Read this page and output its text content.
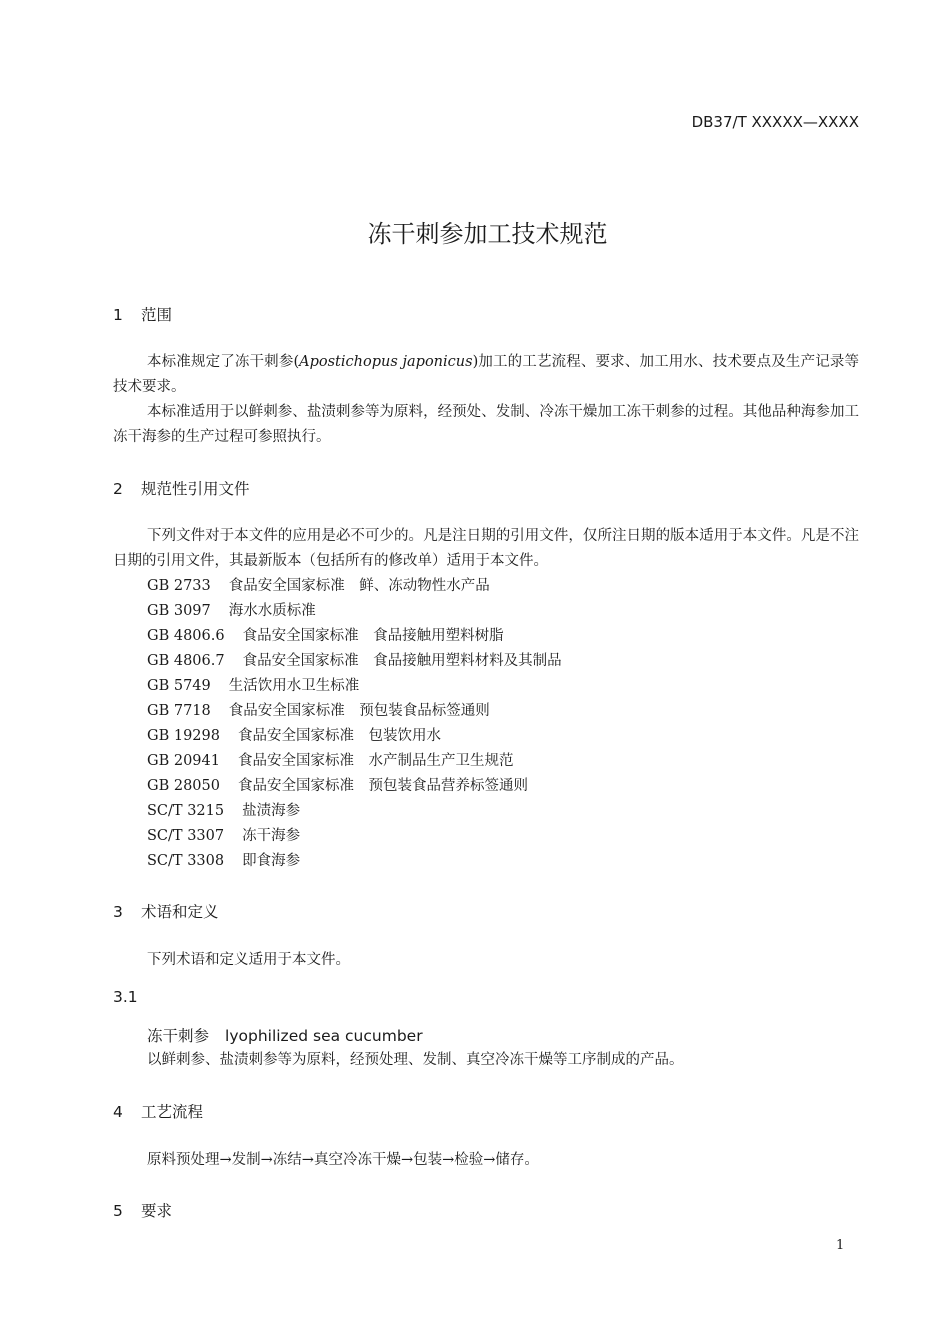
DB37/T XXXXX—XXXX
冻干刺参加工技术规范
1 范围

本标准规定了冻干刺参(Apostichopus japonicus)加工的工艺流程、要求、加工用水、技术要点及生产记录等技术要求。

本标准适用于以鲜刺参、盐渍刺参等为原料，经预处、发制、冷冻干燥加工冻干刺参的过程。其他品种海参加工冻干海参的生产过程可参照执行。

2 规范性引用文件

下列文件对于本文件的应用是必不可少的。凡是注日期的引用文件，仅所注日期的版本适用于本文件。凡是不注日期的引用文件，其最新版本（包括所有的修改单）适用于本文件。

GB 2733 食品安全国家标准　鲜、冻动物性水产品
GB 3097 海水水质标准
GB 4806.6 食品安全国家标准　食品接触用塑料树脂
GB 4806.7 食品安全国家标准　食品接触用塑料材料及其制品
GB 5749 生活饮用水卫生标准
GB 7718 食品安全国家标准　预包装食品标签通则
GB 19298 食品安全国家标准　包装饮用水
GB 20941 食品安全国家标准　水产制品生产卫生规范
GB 28050 食品安全国家标准　预包装食品营养标签通则
SC/T 3215 盐渍海参
SC/T 3307 冻干海参
SC/T 3308 即食海参
3 术语和定义

下列术语和定义适用于本文件。

3.1
冻干刺参 lyophilized sea cucumber
以鲜刺参、盐渍刺参等为原料，经预处理、发制、真空冷冻干燥等工序制成的产品。
4 工艺流程
原料预处理→发制→冻结→真空冷冻干燥→包装→检验→储存。
5 要求
1
